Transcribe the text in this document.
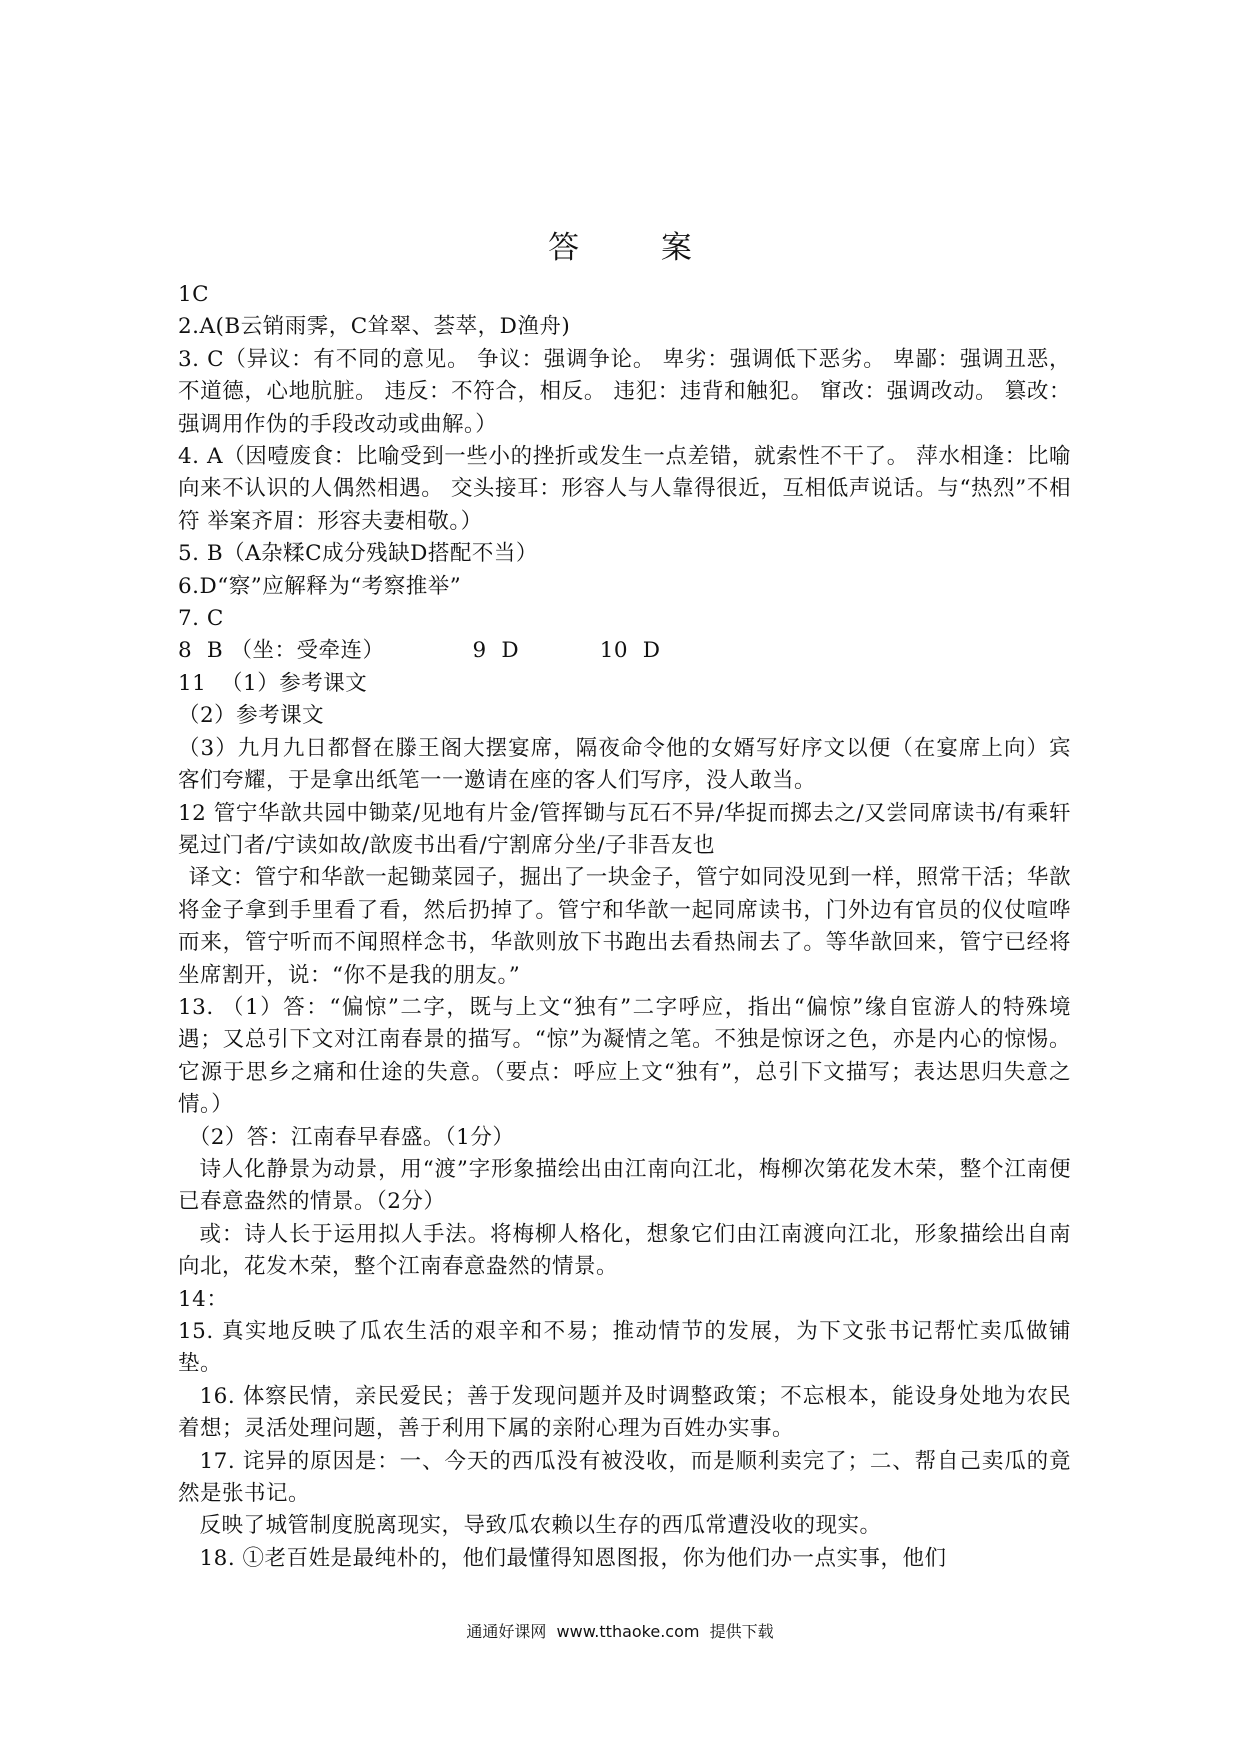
答 案

1C

2.A(B云销雨霁，C耸翠、荟萃，D渔舟)

3. C（异议：有不同的意见。 争议：强调争论。 卑劣：强调低下恶劣。 卑鄙：强调丑恶，不道德，心地肮脏。 违反：不符合，相反。 违犯：违背和触犯。 窜改：强调改动。 篡改：强调用作伪的手段改动或曲解。）

4. A（因噎废食：比喻受到一些小的挫折或发生一点差错，就索性不干了。 萍水相逢：比喻向来不认识的人偶然相遇。 交头接耳：形容人与人靠得很近，互相低声说话。与“热烈”不相符 举案齐眉：形容夫妻相敬。）

5. B（A杂糅C成分残缺D搭配不当）

6.D“察”应解释为“考察推举”

7. C

8  B （坐：受牵连）            9  D           10  D

11  （1）参考课文

（2）参考课文

（3）九月九日都督在滕王阁大摆宴席，隔夜命令他的女婿写好序文以便（在宴席上向）宾客们夸耀，于是拿出纸笔一一邀请在座的客人们写序，没人敢当。

12 管宁华歆共园中锄菜/见地有片金/管挥锄与瓦石不异/华捉而掷去之/又尝同席读书/有乘轩冕过门者/宁读如故/歆废书出看/宁割席分坐/子非吾友也

译文：管宁和华歆一起锄菜园子，掘出了一块金子，管宁如同没见到一样，照常干活；华歆将金子拿到手里看了看，然后扔掉了。管宁和华歆一起同席读书，门外边有官员的仪仗喧哗而来，管宁听而不闻照样念书，华歆则放下书跑出去看热闹去了。等华歆回来，管宁已经将坐席割开，说：“你不是我的朋友。”

13. （1）答：“偏惊”二字，既与上文“独有”二字呼应，指出“偏惊”缘自宦游人的特殊境遇；又总引下文对江南春景的描写。“惊”为凝情之笔。不独是惊讶之色，亦是内心的惊惕。它源于思乡之痛和仕途的失意。（要点：呼应上文“独有”，总引下文描写；表达思归失意之情。）

（2）答：江南春早春盛。（1分）

诗人化静景为动景，用“渡”字形象描绘出由江南向江北，梅柳次第花发木荣，整个江南便已春意盎然的情景。（2分）

或：诗人长于运用拟人手法。将梅柳人格化，想象它们由江南渡向江北，形象描绘出自南向北，花发木荣，整个江南春意盎然的情景。

14：

15. 真实地反映了瓜农生活的艰辛和不易；推动情节的发展，为下文张书记帮忙卖瓜做铺垫。

16. 体察民情，亲民爱民；善于发现问题并及时调整政策；不忘根本，能设身处地为农民着想；灵活处理问题，善于利用下属的亲附心理为百姓办实事。

17. 诧异的原因是：一、今天的西瓜没有被没收，而是顺利卖完了；二、帮自己卖瓜的竟然是张书记。

反映了城管制度脱离现实，导致瓜农赖以生存的西瓜常遭没收的现实。

18. ①老百姓是最纯朴的，他们最懂得知恩图报，你为他们办一点实事，他们

通通好课网  www.tthaoke.com  提供下载
